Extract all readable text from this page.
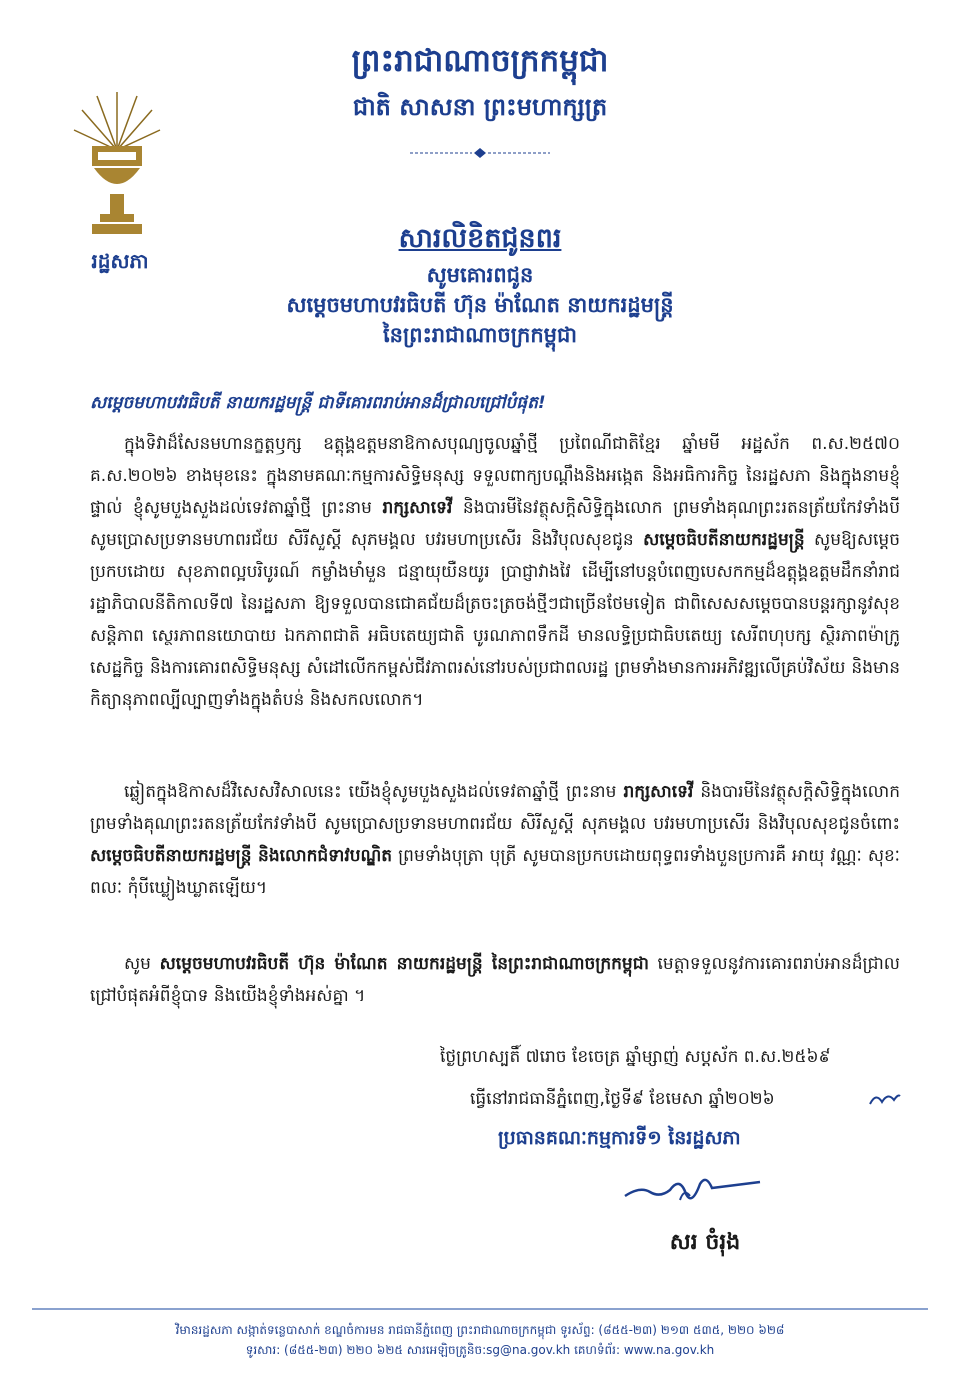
ព្រះរាជាណាចក្រកម្ពុជា
ជាតិ សាសនា ព្រះមហាក្សត្រ
រដ្ឋសភា
សារលិខិតជូនពរ
សូមគោរពជូន
សម្តេចមហាបវរធិបតី ហ៊ុន ម៉ាណែត នាយករដ្ឋមន្ត្រី
នៃព្រះរាជាណាចក្រកម្ពុជា
សម្តេចមហាបវរធិបតី នាយករដ្ឋមន្ត្រី ជាទីគោរពរាប់អានដ៏ជ្រាលជ្រៅបំផុត!
  ក្នុងទិវាដ៏សែនមហានក្ខត្តឫក្ស ឧត្តុង្គឧត្តមនាឱកាសបុណ្យចូលឆ្នាំថ្មី ប្រពៃណីជាតិខ្មែរ ឆ្នាំមមី អដ្ឋស័ក ព.ស.២៥៧០ គ.ស.២០២៦ ខាងមុខនេះ ក្នុងនាមគណៈកម្មការសិទ្ធិមនុស្ស ទទួលពាក្យបណ្តឹងនិងអង្កេត និងអធិការកិច្ច នៃរដ្ឋសភា និងក្នុងនាមខ្ញុំផ្ទាល់ ខ្ញុំសូមបួងសួងដល់ទេវតាឆ្នាំថ្មី ព្រះនាម រាក្សសាទេវី និងបារមីនៃវត្ថុសក្តិសិទ្ធិក្នុងលោក ព្រមទាំងគុណព្រះរតនត្រ័យកែវទាំងបី សូមប្រោសប្រទានមហាពរជ័យ សិរីសួស្តី សុភមង្គល បវរមហាប្រសើរ និងវិបុលសុខជូន សម្តេចធិបតីនាយករដ្ឋមន្ត្រី សូមឱ្យសម្តេចប្រកបដោយ សុខភាពល្អបរិបូរណ៍ កម្លាំងមាំមួន ជន្មាយុយឺនយូរ ប្រាជ្ញាវាងវៃ ដើម្បីនៅបន្តបំពេញបេសកកម្មដ៏ឧត្តុង្គឧត្តមដឹកនាំរាជរដ្ឋាភិបាលនីតិកាលទី៧ នៃរដ្ឋសភា ឱ្យទទួលបានជោគជ័យដ៏ត្រចះត្រចង់ថ្មីៗជាច្រើនថែមទៀត ជាពិសេសសម្តេចបានបន្តរក្សានូវសុខសន្តិភាព ស្ថេរភាពនយោបាយ ឯកភាពជាតិ អធិបតេយ្យជាតិ បូរណភាពទឹកដី មានលទ្ធិប្រជាធិបតេយ្យ សេរីពហុបក្ស ស្ថិរភាពម៉ាក្រូសេដ្ឋកិច្ច និងការគោរពសិទ្ធិមនុស្ស សំដៅលើកកម្ពស់ជីវភាពរស់នៅរបស់ប្រជាពលរដ្ឋ ព្រមទាំងមានការអភិវឌ្ឍលើគ្រប់វិស័យ និងមានកិត្យានុភាពល្បីល្បាញទាំងក្នុងតំបន់ និងសកលលោក។
  ឆ្លៀតក្នុងឱកាសដ៏វិសេសវិសាលនេះ យើងខ្ញុំសូមបួងសួងដល់ទេវតាឆ្នាំថ្មី ព្រះនាម រាក្សសាទេវី និងបារមីនៃវត្ថុសក្តិសិទ្ធិក្នុងលោក ព្រមទាំងគុណព្រះរតនត្រ័យកែវទាំងបី សូមប្រោសប្រទានមហាពរជ័យ សិរីសួស្តី សុភមង្គល បវរមហាប្រសើរ និងវិបុលសុខជូនចំពោះ សម្តេចធិបតីនាយករដ្ឋមន្ត្រី និងលោកជំទាវបណ្ឌិត ព្រមទាំងបុត្រា បុត្រី សូមបានប្រកបដោយពុទ្ធពរទាំងបួនប្រការគឺ អាយុ វណ្ណៈ សុខៈ ពលៈ កុំបីឃ្លៀងឃ្លាតឡើយ។
  សូម សម្តេចមហាបវរធិបតី ហ៊ុន ម៉ាណែត នាយករដ្ឋមន្ត្រី នៃព្រះរាជាណាចក្រកម្ពុជា មេត្តាទទួលនូវការគោរពរាប់អានដ៏ជ្រាលជ្រៅបំផុតអំពីខ្ញុំបាទ និងយើងខ្ញុំទាំងអស់គ្នា ។
ថ្ងៃព្រហស្បតិ៍ ៧រោច ខែចេត្រ ឆ្នាំម្សាញ់ សប្តស័ក ព.ស.២៥៦៩
ធ្វើនៅរាជធានីភ្នំពេញ,ថ្ងៃទី៩ ខែមេសា ឆ្នាំ២០២៦
ប្រធានគណៈកម្មការទី១ នៃរដ្ឋសភា
សរ ចំរុង
វិមានរដ្ឋសភា សង្កាត់ទន្លេបាសាក់ ខណ្ឌចំការមន រាជធានីភ្នំពេញ ព្រះរាជាណាចក្រកម្ពុជា ទូរស័ព្ទ: (៨៥៥-២៣) ២១៣ ៥៣៥, ២២០ ៦២៨
ទូរសារ: (៨៥៥-២៣) ២២០ ៦២៥ សារអេឡិចត្រូនិច:sg@na.gov.kh គេហទំព័រ: www.na.gov.kh
